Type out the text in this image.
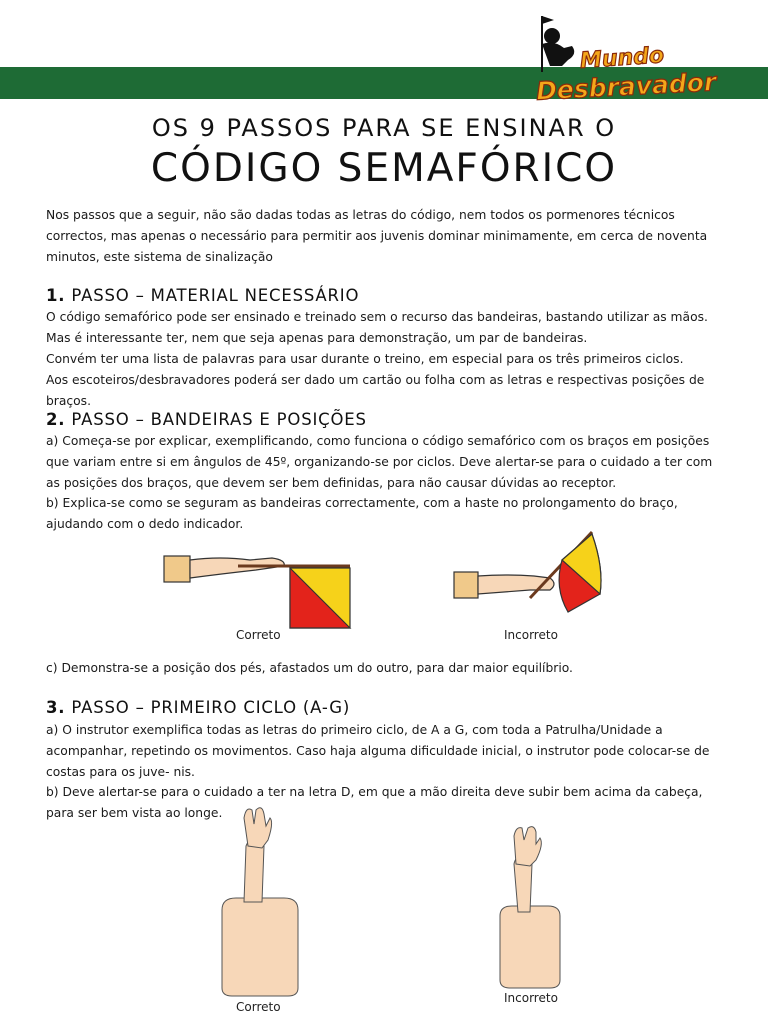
Mundo
Desbravador
OS 9 PASSOS PARA SE ENSINAR O
CÓDIGO SEMAFÓRICO
Nos passos que a seguir, não são dadas todas as letras do código, nem todos os pormenores técnicos correctos, mas apenas o necessário para permitir aos juvenis dominar minimamente, em cerca de noventa minutos, este sistema de sinalização
1. PASSO – MATERIAL NECESSÁRIO
O código semafórico pode ser ensinado e treinado sem o recurso das bandeiras, bastando utilizar as mãos. Mas é interessante ter, nem que seja apenas para demonstração, um par de bandeiras.
Convém ter uma lista de palavras para usar durante o treino, em especial para os três primeiros ciclos.
Aos escoteiros/desbravadores poderá ser dado um cartão ou folha com as letras e respectivas posições de braços.
2. PASSO – BANDEIRAS E POSIÇÕES
a) Começa-se por explicar, exemplificando, como funciona o código semafórico com os braços em posições que variam entre si em ângulos de 45º, organizando-se por ciclos. Deve alertar-se para o cuidado a ter com as posições dos braços, que devem ser bem definidas, para não causar dúvidas ao receptor.
b) Explica-se como se seguram as bandeiras correctamente, com a haste no prolongamento do braço, ajudando com o dedo indicador.
Correto	Incorreto
c) Demonstra-se a posição dos pés, afastados um do outro, para dar maior equilíbrio.
3. PASSO – PRIMEIRO CICLO (A-G)
a) O instrutor exemplifica todas as letras do primeiro ciclo, de A a G, com toda a Patrulha/Unidade a acompanhar, repetindo os movimentos. Caso haja alguma dificuldade inicial, o instrutor pode colocar-se de costas para os juve- nis.
b) Deve alertar-se para o cuidado a ter na letra D, em que a mão direita deve subir bem acima da cabeça, para ser bem vista ao longe.
Correto
Incorreto
